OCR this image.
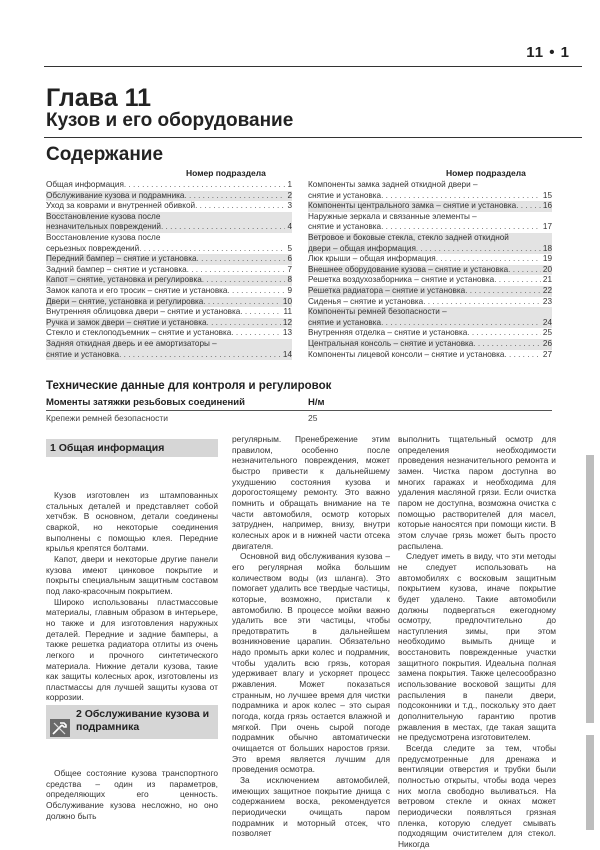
11 • 1
Глава 11
Кузов и его оборудование
Содержание
Номер подраздела	Номер подраздела
Общая информация . . .	1
Обслуживание кузова и подрамника . . .	2
Уход за коврами и внутренней обивкой . . .	3
Восстановление кузова после
незначительных повреждений . . .	4
Восстановление кузова после
серьезных повреждений . . .	5
Передний бампер – снятие и установка . . .	6
Задний бампер – снятие и установка . . .	7
Капот – снятие, установка и регулировка . . .	8
Замок капота и его тросик – снятие и установка . . .	9
Двери – снятие, установка и регулировка . . .	10
Внутренняя облицовка двери – снятие и установка . . .	11
Ручка и замок двери – снятие и установка . . .	12
Стекло и стеклоподъемник – снятие и установка . . .	13
Задняя откидная дверь и ее амортизаторы –
снятие и установка . . .	14
Компоненты замка задней откидной двери –
снятие и установка . . .	15
Компоненты центрального замка – снятие и установка . . .	16
Наружные зеркала и связанные элементы –
снятие и установка . . .	17
Ветровое и боковые стекла, стекло задней откидной
двери – общая информация . . .	18
Люк крыши – общая информация . . .	19
Внешнее оборудование кузова – снятие и установка . . .	20
Решетка воздухозаборника – снятие и установка . . .	21
Решетка радиатора – снятие и установка . . .	22
Сиденья – снятие и установка . . .	23
Компоненты ремней безопасности –
снятие и установка . . .	24
Внутренняя отделка – снятие и установка . . .	25
Центральная консоль – снятие и установка . . .	26
Компоненты лицевой консоли – снятие и установка . . .	27
Технические данные для контроля и регулировок
Моменты затяжки резьбовых соединений	Н/м
Крепежи ремней безопасности	25
1 Общая информация

Кузов изготовлен из штампованных стальных деталей и представляет собой хетчбэк. В основном, детали соединены сваркой, но некоторые соединения выполнены с помощью клея. Передние крылья крепятся болтами.

Капот, двери и некоторые другие панели кузова имеют цинковое покрытие и покрыты специальным защитным составом под лако-красочным покрытием.

Широко использованы пластмассовые материалы, главным образом в интерьере, но также и для изготовления наружных деталей. Передние и задние бамперы, а также решетка радиатора отлиты из очень легкого и прочного синтетического материала. Нижние детали кузова, такие как защиты колесных арок, изготовлены из пластмассы для лучшей защиты кузова от коррозии.

2 Обслуживание кузова и подрамника

Общее состояние кузова транспортного средства – один из параметров, определяющих его ценность. Обслуживание кузова несложно, но оно должно быть

регулярным. Пренебрежение этим правилом, особенно после незначительного повреждения, может быстро привести к дальнейшему ухудшению состояния кузова и дорогостоящему ремонту. Это важно помнить и обращать внимание на те части автомобиля, осмотр которых затруднен, например, внизу, внутри колесных арок и в нижней части отсека двигателя.

Основной вид обслуживания кузова – его регулярная мойка большим количеством воды (из шланга). Это помогает удалить все твердые частицы, которые, возможно, пристали к автомобилю. В процессе мойки важно удалить все эти частицы, чтобы предотвратить в дальнейшем возникновение царапин. Обязательно надо промыть арки колес и подрамник, чтобы удалить всю грязь, которая удерживает влагу и ускоряет процесс ржавления. Может показаться странным, но лучшее время для чистки подрамника и арок колес – это сырая погода, когда грязь остается влажной и мягкой. При очень сырой погоде подрамник обычно автоматически очищается от больших наростов грязи. Это время является лучшим для проведения осмотра.

За исключением автомобилей, имеющих защитное покрытие днища с содержанием воска, рекомендуется периодически очищать паром подрамник и моторный отсек, что позволяет

выполнить тщательный осмотр для определения необходимости проведения незначительного ремонта и замен. Чистка паром доступна во многих гаражах и необходима для удаления масляной грязи. Если очистка паром не доступна, возможна очистка с помощью растворителей для масел, которые наносятся при помощи кисти. В этом случае грязь может быть просто распылена.

Следует иметь в виду, что эти методы не следует использовать на автомобилях с восковым защитным покрытием кузова, иначе покрытие будет удалено. Такие автомобили должны подвергаться ежегодному осмотру, предпочтительно до наступления зимы, при этом необходимо вымыть днище и восстановить поврежденные участки защитного покрытия. Идеальна полная замена покрытия. Также целесообразно использование восковой защиты для распыления в панели двери, подсоконники и т.д., поскольку это дает дополнительную гарантию против ржавления в местах, где такая защита не предусмотрена изготовителем.

Всегда следите за тем, чтобы предусмотренные для дренажа и вентиляции отверстия и трубки были полностью открыты, чтобы вода через них могла свободно выливаться. На ветровом стекле и окнах может периодически появляться грязная пленка, которую следует смывать подходящим очистителем для стекол. Никогда
